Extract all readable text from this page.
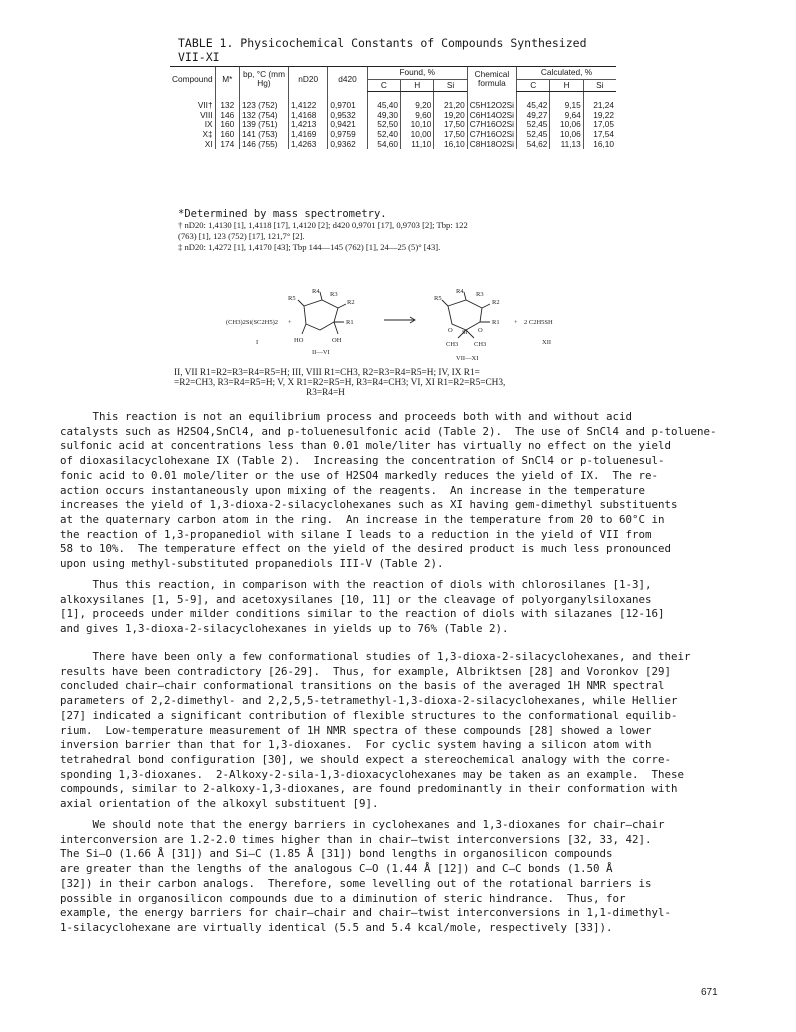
TABLE 1. Physicochemical Constants of Compounds Synthesized
VII-XI
Compound	M*	bp, °C (mm Hg)	nD20	d420	Found, %			Chemical formula	Calculated, %		
					C	H	Si		C	H	Si
VII†	132	123 (752)	1,4122	0,9701	45,40	9,20	21,20	C5H12O2Si	45,42	9,15	21,24
VIII	146	132 (754)	1,4168	0,9532	49,30	9,60	19,20	C6H14O2Si	49,27	9,64	19,22
IX	160	139 (751)	1,4213	0,9421	52,50	10,10	17,50	C7H16O2Si	52,45	10,06	17,05
X‡	160	141 (753)	1,4169	0,9759	52,40	10,00	17,50	C7H16O2Si	52,45	10,06	17,54
XI	174	146 (755)	1,4263	0,9362	54,60	11,10	16,10	C8H18O2Si	54,62	11,13	16,10
*Determined by mass spectrometry.
† nD20: 1,4130 [1], 1,4118 [17], 1,4120 [2]; d420 0,9701 [17], 0,9703 [2]; Tbp: 122
(763) [1], 123 (752) [17], 121,7° [2].
‡ nD20: 1,4272 [1], 1,4170 [43]; Tbp 144—145 (762) [1], 24—25 (5)° [43].
(CH3)2Si(SC2H5)2
I
+
R5
R4 R3
R2
R1
HO	OH
II—VI
R5
R4 R3
R2
R1
O	O
Si
CH3 CH3
VII—XI
+ 2 C2H5SH
XII
II, VII R1=R2=R3=R4=R5=H; III, VIII R1=CH3, R2=R3=R4=R5=H; IV, IX R1=
=R2=CH3, R3=R4=R5=H; V, X R1=R2=R5=H, R3=R4=CH3; VI, XI R1=R2=R5=CH3,
R3=R4=H
This reaction is not an equilibrium process and proceeds both with and without acid
catalysts such as H2SO4,SnCl4, and p-toluenesulfonic acid (Table 2).  The use of SnCl4 and p-toluene-
sulfonic acid at concentrations less than 0.01 mole/liter has virtually no effect on the yield
of dioxasilacyclohexane IX (Table 2).  Increasing the concentration of SnCl4 or p-toluenesul-
fonic acid to 0.01 mole/liter or the use of H2SO4 markedly reduces the yield of IX.  The re-
action occurs instantaneously upon mixing of the reagents.  An increase in the temperature
increases the yield of 1,3-dioxa-2-silacyclohexanes such as XI having gem-dimethyl substituents
at the quaternary carbon atom in the ring.  An increase in the temperature from 20 to 60°C in
the reaction of 1,3-propanediol with silane I leads to a reduction in the yield of VII from
58 to 10%.  The temperature effect on the yield of the desired product is much less pronounced
upon using methyl-substituted propanediols III-V (Table 2).
Thus this reaction, in comparison with the reaction of diols with chlorosilanes [1-3],
alkoxysilanes [1, 5-9], and acetoxysilanes [10, 11] or the cleavage of polyorganylsiloxanes
[1], proceeds under milder conditions similar to the reaction of diols with silazanes [12-16]
and gives 1,3-dioxa-2-silacyclohexanes in yields up to 76% (Table 2).
There have been only a few conformational studies of 1,3-dioxa-2-silacyclohexanes, and their
results have been contradictory [26-29].  Thus, for example, Albriktsen [28] and Voronkov [29]
concluded chair—chair conformational transitions on the basis of the averaged 1H NMR spectral
parameters of 2,2-dimethyl- and 2,2,5,5-tetramethyl-1,3-dioxa-2-silacyclohexanes, while Hellier
[27] indicated a significant contribution of flexible structures to the conformational equilib-
rium.  Low-temperature measurement of 1H NMR spectra of these compounds [28] showed a lower
inversion barrier than that for 1,3-dioxanes.  For cyclic system having a silicon atom with
tetrahedral bond configuration [30], we should expect a stereochemical analogy with the corre-
sponding 1,3-dioxanes.  2-Alkoxy-2-sila-1,3-dioxacyclohexanes may be taken as an example.  These
compounds, similar to 2-alkoxy-1,3-dioxanes, are found predominantly in their conformation with
axial orientation of the alkoxyl substituent [9].
We should note that the energy barriers in cyclohexanes and 1,3-dioxanes for chair—chair
interconversion are 1.2-2.0 times higher than in chair—twist interconversions [32, 33, 42].
The Si—O (1.66 Å [31]) and Si—C (1.85 Å [31]) bond lengths in organosilicon compounds
are greater than the lengths of the analogous C—O (1.44 Å [12]) and C—C bonds (1.50 Å
[32]) in their carbon analogs.  Therefore, some levelling out of the rotational barriers is
possible in organosilicon compounds due to a diminution of steric hindrance.  Thus, for
example, the energy barriers for chair—chair and chair—twist interconversions in 1,1-dimethyl-
1-silacyclohexane are virtually identical (5.5 and 5.4 kcal/mole, respectively [33]).
671
